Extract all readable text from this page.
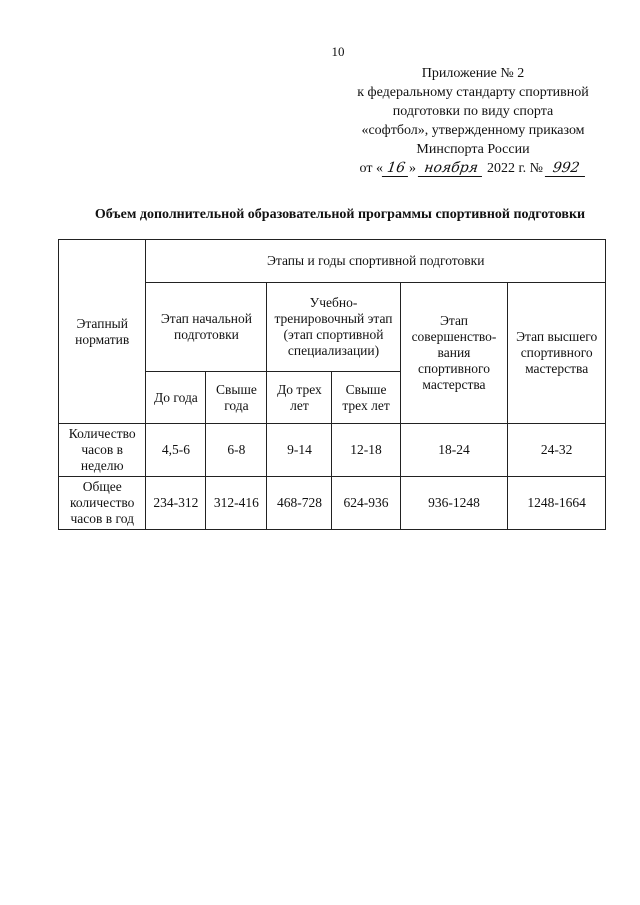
10
Приложение № 2
к федеральному стандарту спортивной
подготовки по виду спорта
«софтбол», утвержденному приказом
Минспорта России
от « 16 » ноября 2022 г. № 992
Объем дополнительной образовательной программы спортивной подготовки
Этапный норматив	Этапы и годы спортивной подготовки					
	Этап начальной подготовки		Учебно-тренировочный этап (этап спортивной специализации)		Этап совершенство-вания спортивного мастерства	Этап высшего спортивного мастерства
	До года	Свыше года	До трех лет	Свыше трех лет		
Количество часов в неделю	4,5-6	6-8	9-14	12-18	18-24	24-32
Общее количество часов в год	234-312	312-416	468-728	624-936	936-1248	1248-1664
